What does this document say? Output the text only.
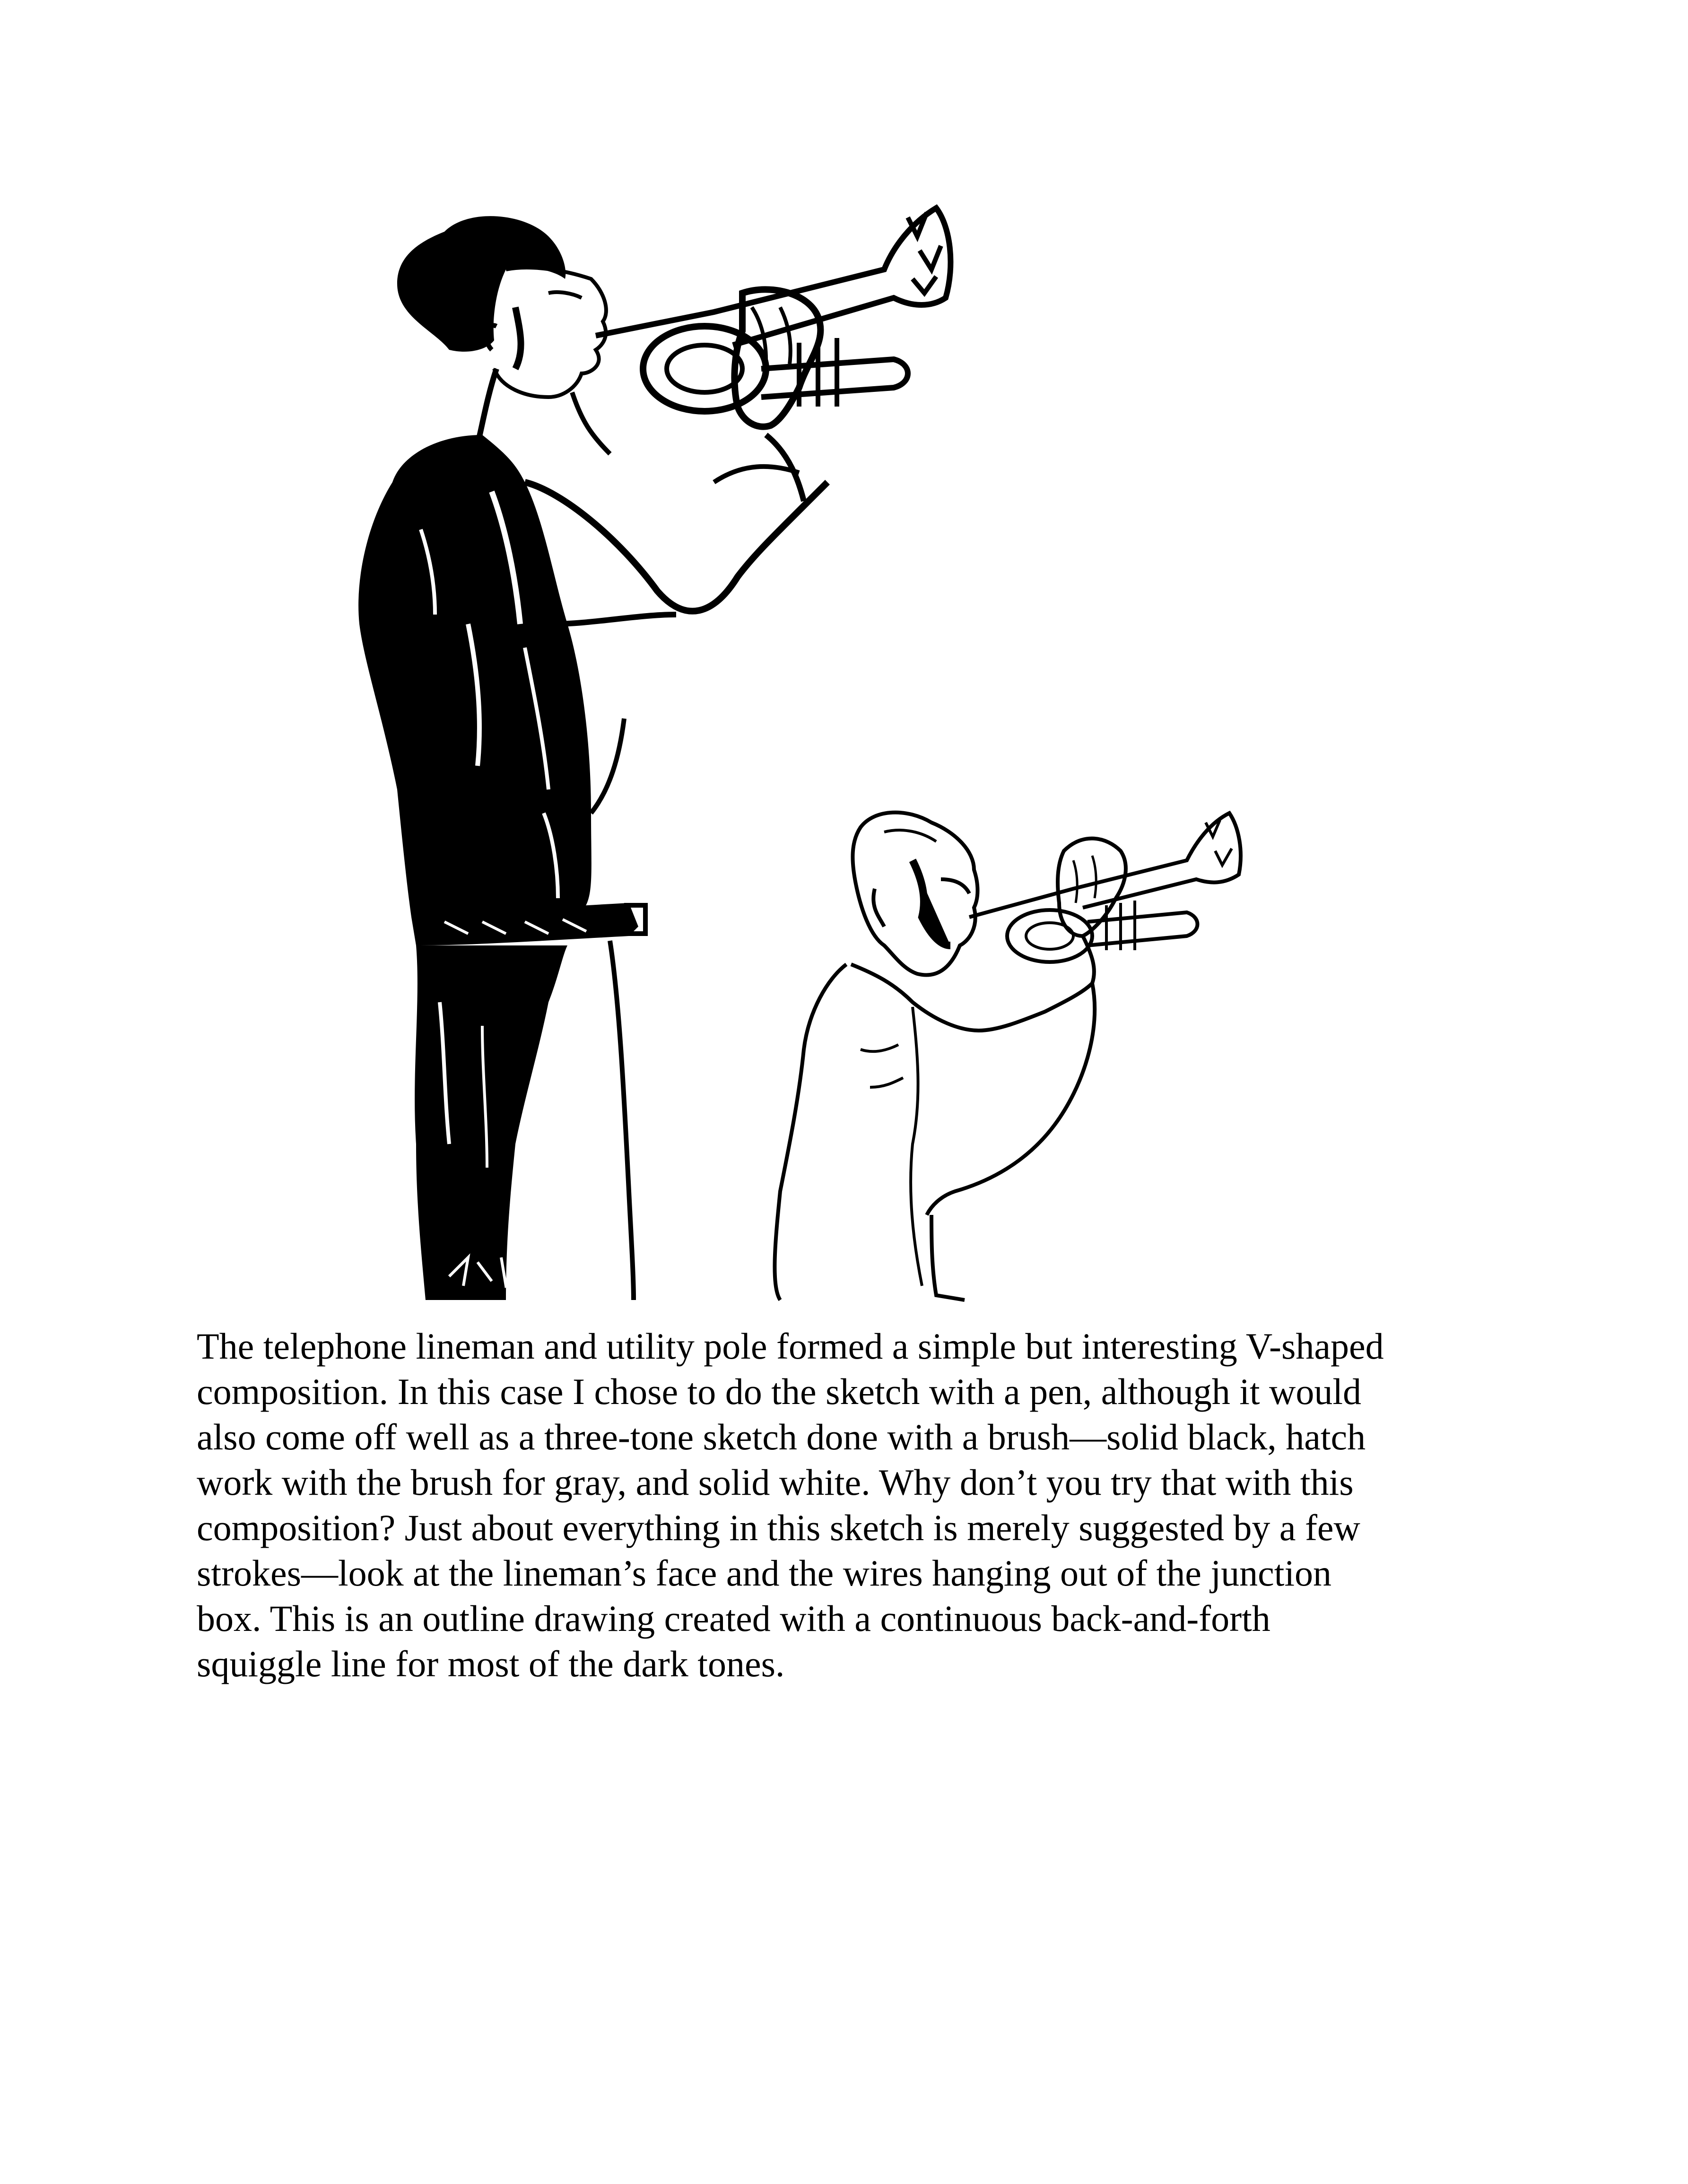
The telephone lineman and utility pole formed a simple but interesting V-shaped
composition. In this case I chose to do the sketch with a pen, although it would
also come off well as a three-tone sketch done with a brush—solid black, hatch
work with the brush for gray, and solid white. Why don’t you try that with this
composition? Just about everything in this sketch is merely suggested by a few
strokes—look at the lineman’s face and the wires hanging out of the junction
box. This is an outline drawing created with a continuous back-and-forth
squiggle line for most of the dark tones.
